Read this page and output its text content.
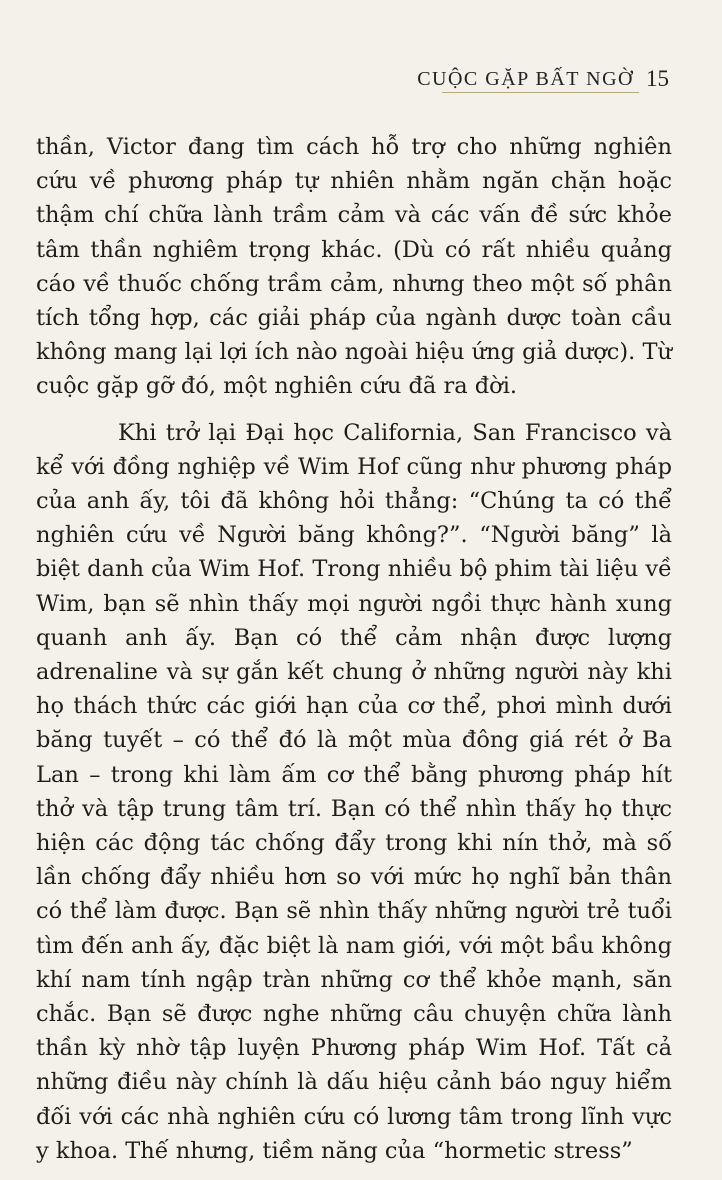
CUỘC GẶP BẤT NGỜ 15

thần, Victor đang tìm cách hỗ trợ cho những nghiên cứu về phương pháp tự nhiên nhằm ngăn chặn hoặc thậm chí chữa lành trầm cảm và các vấn đề sức khỏe tâm thần nghiêm trọng khác. (Dù có rất nhiều quảng cáo về thuốc chống trầm cảm, nhưng theo một số phân tích tổng hợp, các giải pháp của ngành dược toàn cầu không mang lại lợi ích nào ngoài hiệu ứng giả dược). Từ cuộc gặp gỡ đó, một nghiên cứu đã ra đời.

Khi trở lại Đại học California, San Francisco và kể với đồng nghiệp về Wim Hof cũng như phương pháp của anh ấy, tôi đã không hỏi thẳng: “Chúng ta có thể nghiên cứu về Người băng không?”. “Người băng” là biệt danh của Wim Hof. Trong nhiều bộ phim tài liệu về Wim, bạn sẽ nhìn thấy mọi người ngồi thực hành xung quanh anh ấy. Bạn có thể cảm nhận được lượng adrenaline và sự gắn kết chung ở những người này khi họ thách thức các giới hạn của cơ thể, phơi mình dưới băng tuyết – có thể đó là một mùa đông giá rét ở Ba Lan – trong khi làm ấm cơ thể bằng phương pháp hít thở và tập trung tâm trí. Bạn có thể nhìn thấy họ thực hiện các động tác chống đẩy trong khi nín thở, mà số lần chống đẩy nhiều hơn so với mức họ nghĩ bản thân có thể làm được. Bạn sẽ nhìn thấy những người trẻ tuổi tìm đến anh ấy, đặc biệt là nam giới, với một bầu không khí nam tính ngập tràn những cơ thể khỏe mạnh, săn chắc. Bạn sẽ được nghe những câu chuyện chữa lành thần kỳ nhờ tập luyện Phương pháp Wim Hof. Tất cả những điều này chính là dấu hiệu cảnh báo nguy hiểm đối với các nhà nghiên cứu có lương tâm trong lĩnh vực y khoa. Thế nhưng, tiềm năng của “hormetic stress”
